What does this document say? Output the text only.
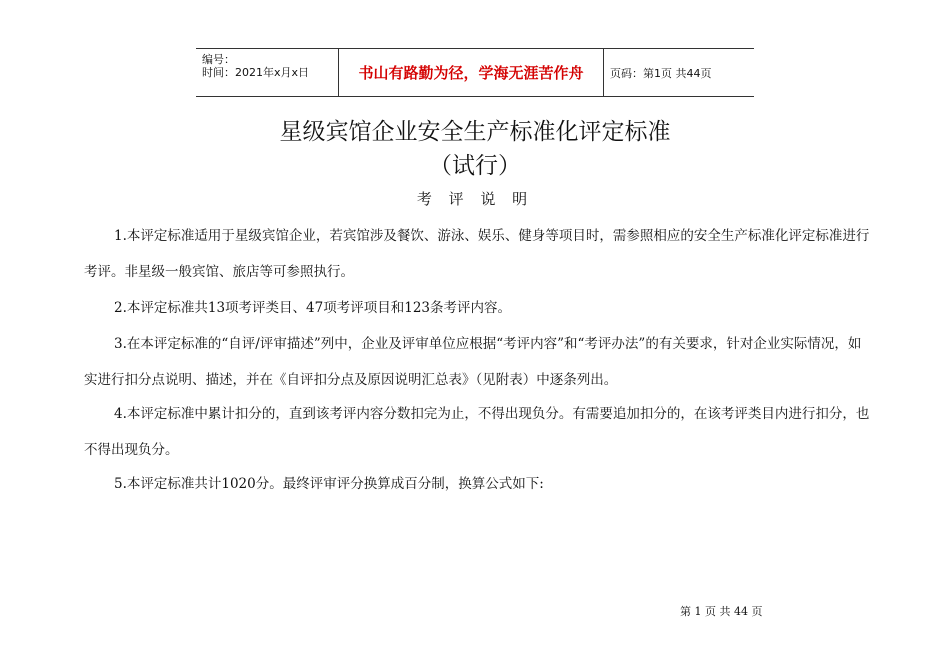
编号：
时间：2021年x月x日	书山有路勤为径，学海无涯苦作舟	页码：第1页 共44页
星级宾馆企业安全生产标准化评定标准
（试行）
考 评 说 明

1.本评定标准适用于星级宾馆企业，若宾馆涉及餐饮、游泳、娱乐、健身等项目时，需参照相应的安全生产标准化评定标准进行考评。非星级一般宾馆、旅店等可参照执行。

2.本评定标准共13项考评类目、47项考评项目和123条考评内容。

3.在本评定标准的“自评/评审描述”列中，企业及评审单位应根据“考评内容”和“考评办法”的有关要求，针对企业实际情况，如实进行扣分点说明、描述，并在《自评扣分点及原因说明汇总表》（见附表）中逐条列出。

4.本评定标准中累计扣分的，直到该考评内容分数扣完为止，不得出现负分。有需要追加扣分的，在该考评类目内进行扣分，也不得出现负分。

5.本评定标准共计1020分。最终评审评分换算成百分制，换算公式如下:

第 1 页 共 44 页
